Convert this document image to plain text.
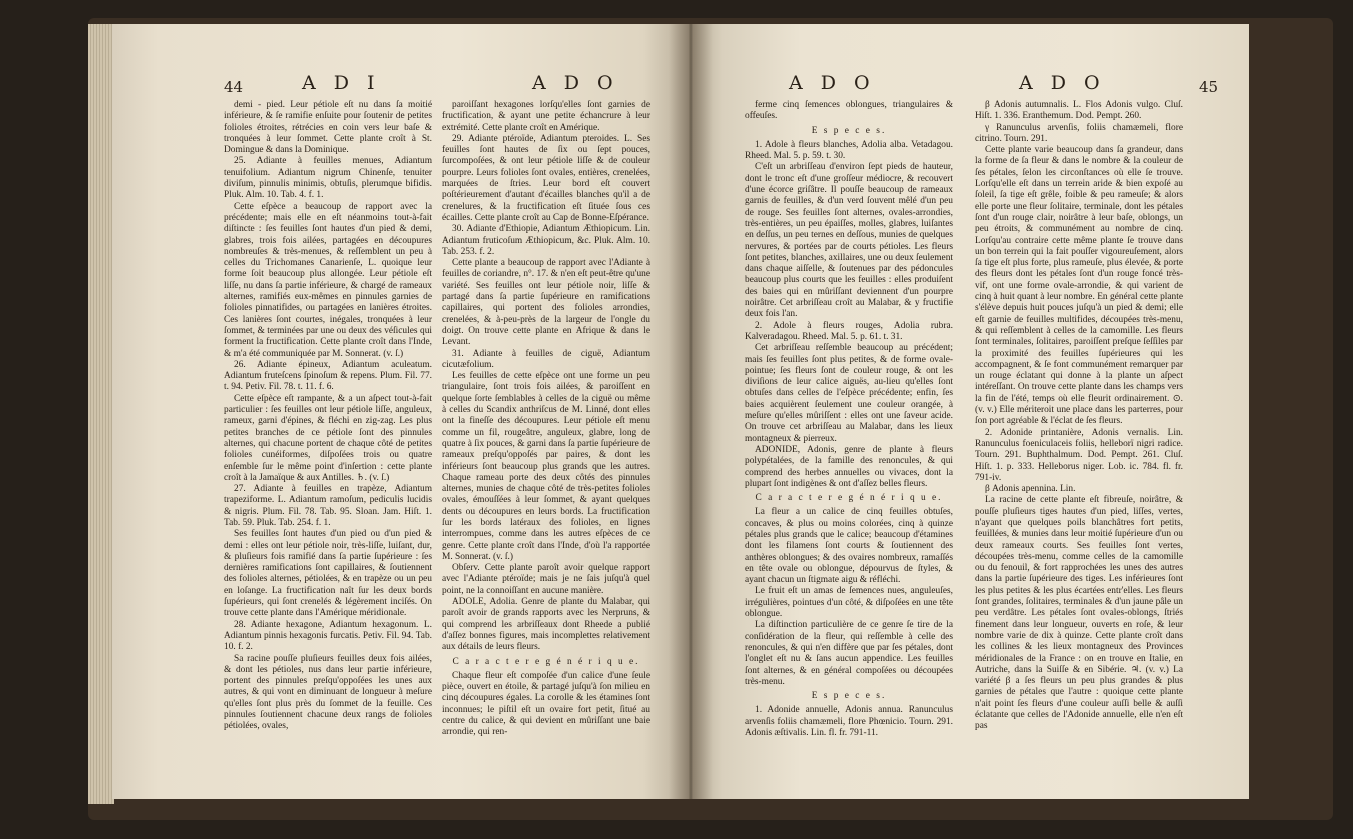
44	A D I	A D O

demi - pied. Leur pétiole eſt nu dans ſa moitié inférieure, & ſe ramifie enſuite pour ſoutenir de petites folioles étroites, rétrécies en coin vers leur baſe & tronquées à leur ſommet. Cette plante croît à St. Domingue & dans la Dominique.

25. Adiante à feuilles menues, Adiantum tenuifolium. Adiantum nigrum Chinenſe, tenuiter diviſum, pinnulis minimis, obtuſis, plerumque bifidis. Pluk. Alm. 10. Tab. 4. f. 1.

Cette eſpèce a beaucoup de rapport avec la précédente; mais elle en eſt néanmoins tout-à-fait diſtincte : ſes feuilles ſont hautes d'un pied & demi, glabres, trois fois ailées, partagées en découpures nombreuſes & très-menues, & reſſemblent un peu à celles du Trichomanes Canarienſe, L. quoique leur forme ſoit beaucoup plus allongée. Leur pétiole eſt liſſe, nu dans ſa partie inférieure, & chargé de rameaux alternes, ramifiés eux-mêmes en pinnules garnies de folioles pinnatifides, ou partagées en lanières étroites. Ces lanières ſont courtes, inégales, tronquées à leur ſommet, & terminées par une ou deux des véſicules qui forment la fructification. Cette plante croît dans l'Inde, & m'a été communiquée par M. Sonnerat. (v. ſ.)

26. Adiante épineux, Adiantum aculeatum. Adiantum fruteſcens ſpinoſum & repens. Plum. Fil. 77. t. 94. Petiv. Fil. 78. t. 11. f. 6.

Cette eſpèce eſt rampante, & a un aſpect tout-à-fait particulier : ſes feuilles ont leur pétiole liſſe, anguleux, rameux, garni d'épines, & fléchi en zig-zag. Les plus petites branches de ce pétiole ſont des pinnules alternes, qui chacune portent de chaque côté de petites folioles cunéiformes, diſpoſées trois ou quatre enſemble ſur le même point d'inſertion : cette plante croît à la Jamaïque & aux Antilles. ♄. (v. ſ.)

27. Adiante à feuilles en trapèze, Adiantum trapeziforme. L. Adiantum ramoſum, pediculis lucidis & nigris. Plum. Fil. 78. Tab. 95. Sloan. Jam. Hiſt. 1. Tab. 59. Pluk. Tab. 254. f. 1.

Ses feuilles ſont hautes d'un pied ou d'un pied & demi : elles ont leur pétiole noir, très-liſſe, luiſant, dur, & pluſieurs fois ramifié dans ſa partie ſupérieure : ſes dernières ramifications ſont capillaires, & ſoutiennent des folioles alternes, pétiolées, & en trapèze ou un peu en loſange. La fructification naît ſur les deux bords ſupérieurs, qui ſont crenelés & légèrement inciſés. On trouve cette plante dans l'Amérique méridionale.

28. Adiante hexagone, Adiantum hexagonum. L. Adiantum pinnis hexagonis furcatis. Petiv. Fil. 94. Tab. 10. f. 2.

Sa racine pouſſe pluſieurs feuilles deux fois ailées, & dont les pétioles, nus dans leur partie inférieure, portent des pinnules preſqu'oppoſées les unes aux autres, & qui vont en diminuant de longueur à meſure qu'elles ſont plus près du ſommet de la feuille. Ces pinnules ſoutiennent chacune deux rangs de folioles pétiolées, ovales,

paroiſſant hexagones lorſqu'elles ſont garnies de fructification, & ayant une petite échancrure à leur extrémité. Cette plante croît en Amérique.

29. Adiante ptéroïde, Adiantum pteroides. L. Ses feuilles ſont hautes de ſix ou ſept pouces, ſurcompoſées, & ont leur pétiole liſſe & de couleur pourpre. Leurs folioles ſont ovales, entières, crenelées, marquées de ſtries. Leur bord eſt couvert poſtérieurement d'autant d'écailles blanches qu'il a de crenelures, & la fructification eſt ſituée ſous ces écailles. Cette plante croît au Cap de Bonne-Eſpérance.

30. Adiante d'Ethiopie, Adiantum Æthiopicum. Lin. Adiantum fruticoſum Æthiopicum, &c. Pluk. Alm. 10. Tab. 253. f. 2.

Cette plante a beaucoup de rapport avec l'Adiante à feuilles de coriandre, n°. 17. & n'en eſt peut-être qu'une variété. Ses feuilles ont leur pétiole noir, liſſe & partagé dans ſa partie ſupérieure en ramifications capillaires, qui portent des folioles arrondies, crenelées, & à-peu-près de la largeur de l'ongle du doigt. On trouve cette plante en Afrique & dans le Levant.

31. Adiante à feuilles de ciguë, Adiantum cicutæfolium.

Les feuilles de cette eſpèce ont une forme un peu triangulaire, ſont trois fois ailées, & paroiſſent en quelque ſorte ſemblables à celles de la ciguë ou même à celles du Scandix anthriſcus de M. Linné, dont elles ont la fineſſe des découpures. Leur pétiole eſt menu comme un fil, rougeâtre, anguleux, glabre, long de quatre à ſix pouces, & garni dans ſa partie ſupérieure de rameaux preſqu'oppoſés par paires, & dont les inférieurs ſont beaucoup plus grands que les autres. Chaque rameau porte des deux côtés des pinnules alternes, munies de chaque côté de très-petites folioles ovales, émouſſées à leur ſommet, & ayant quelques dents ou découpures en leurs bords. La fructification ſur les bords latéraux des folioles, en lignes interrompues, comme dans les autres eſpèces de ce genre. Cette plante croît dans l'Inde, d'où l'a rapportée M. Sonnerat. (v. ſ.)

Obſerv. Cette plante paroît avoir quelque rapport avec l'Adiante ptéroïde; mais je ne ſais juſqu'à quel point, ne la connoiſſant en aucune manière.

ADOLE, Adolia. Genre de plante du Malabar, qui paroît avoir de grands rapports avec les Nerpruns, & qui comprend les arbriſſeaux dont Rheede a publié d'aſſez bonnes figures, mais incomplettes relativement aux détails de leurs fleurs.

C a r a c t e r e g é n é r i q u e.

Chaque fleur eſt compoſée d'un calice d'une ſeule pièce, ouvert en étoile, & partagé juſqu'à ſon milieu en cinq découpures égales. La corolle & les étamines ſont inconnues; le piſtil eſt un ovaire fort petit, ſitué au centre du calice, & qui devient en mûriſſant une baie arrondie, qui ren-

A D O	A D O	45

ferme cinq ſemences oblongues, triangulaires & offeuſes.

E s p e c e s.

1. Adole à fleurs blanches, Adolia alba. Vetadagou. Rheed. Mal. 5. p. 59. t. 30.

C'eſt un arbriſſeau d'environ ſept pieds de hauteur, dont le tronc eſt d'une groſſeur médiocre, & recouvert d'une écorce griſâtre. Il pouſſe beaucoup de rameaux garnis de feuilles, & d'un verd ſouvent mêlé d'un peu de rouge. Ses feuilles ſont alternes, ovales-arrondies, très-entières, un peu épaiſſes, molles, glabres, luiſantes en deſſus, un peu ternes en deſſous, munies de quelques nervures, & portées par de courts pétioles. Les fleurs ſont petites, blanches, axillaires, une ou deux ſeulement dans chaque aiſſelle, & ſoutenues par des pédoncules beaucoup plus courts que les feuilles : elles produiſent des baies qui en mûriſſant deviennent d'un pourpre noirâtre. Cet arbriſſeau croît au Malabar, & y fructifie deux fois l'an.

2. Adole à fleurs rouges, Adolia rubra. Kalveradagou. Rheed. Mal. 5. p. 61. t. 31.

Cet arbriſſeau reſſemble beaucoup au précédent; mais ſes feuilles ſont plus petites, & de forme ovale-pointue; ſes fleurs ſont de couleur rouge, & ont les diviſions de leur calice aiguës, au-lieu qu'elles ſont obtuſes dans celles de l'eſpèce précédente; enfin, ſes baies acquièrent ſeulement une couleur orangée, à meſure qu'elles mûriſſent : elles ont une ſaveur acide. On trouve cet arbriſſeau au Malabar, dans les lieux montagneux & pierreux.

ADONIDE, Adonis, genre de plante à fleurs polypétalées, de la famille des renoncules, & qui comprend des herbes annuelles ou vivaces, dont la plupart ſont indigènes & ont d'aſſez belles fleurs.

C a r a c t e r e g é n é r i q u e.

La fleur a un calice de cinq feuilles obtuſes, concaves, & plus ou moins colorées, cinq à quinze pétales plus grands que le calice; beaucoup d'étamines dont les filamens ſont courts & ſoutiennent des anthères oblongues; & des ovaires nombreux, ramaſſés en tête ovale ou oblongue, dépourvus de ſtyles, & ayant chacun un ſtigmate aigu & réfléchi.

Le fruit eſt un amas de ſemences nues, anguleuſes, irrégulières, pointues d'un côté, & diſpoſées en une tête oblongue.

La diſtinction particulière de ce genre ſe tire de la conſidération de la fleur, qui reſſemble à celle des renoncules, & qui n'en diffère que par ſes pétales, dont l'onglet eſt nu & ſans aucun appendice. Les feuilles ſont alternes, & en général compoſées ou découpées très-menu.

E s p e c e s.

1. Adonide annuelle, Adonis annua. Ranunculus arvenſis foliis chamæmeli, flore Phœnicio. Tourn. 291. Adonis æſtivalis. Lin. fl. fr. 791-11.

β Adonis autumnalis. L. Flos Adonis vulgo. Cluſ. Hiſt. 1. 336. Eranthemum. Dod. Pempt. 260.

γ Ranunculus arvenſis, foliis chamæmeli, flore citrino. Tourn. 291.

Cette plante varie beaucoup dans ſa grandeur, dans la forme de ſa fleur & dans le nombre & la couleur de ſes pétales, ſelon les circonſtances où elle ſe trouve. Lorſqu'elle eſt dans un terrein aride & bien expoſé au ſoleil, ſa tige eſt grêle, foible & peu rameuſe; & alors elle porte une fleur ſolitaire, terminale, dont les pétales ſont d'un rouge clair, noirâtre à leur baſe, oblongs, un peu étroits, & communément au nombre de cinq. Lorſqu'au contraire cette même plante ſe trouve dans un bon terrein qui la fait pouſſer vigoureuſement, alors ſa tige eſt plus forte, plus rameuſe, plus élevée, & porte des fleurs dont les pétales ſont d'un rouge foncé très-vif, ont une forme ovale-arrondie, & qui varient de cinq à huit quant à leur nombre. En général cette plante s'élève depuis huit pouces juſqu'à un pied & demi; elle eſt garnie de feuilles multifides, découpées très-menu, & qui reſſemblent à celles de la camomille. Les fleurs ſont terminales, ſolitaires, paroiſſent preſque ſeſſiles par la proximité des feuilles ſupérieures qui les accompagnent, & ſe font communément remarquer par un rouge éclatant qui donne à la plante un aſpect intéreſſant. On trouve cette plante dans les champs vers la fin de l'été, temps où elle fleurit ordinairement. ⊙. (v. v.) Elle mériteroit une place dans les parterres, pour ſon port agréable & l'éclat de ſes fleurs.

2. Adonide printanière, Adonis vernalis. Lin. Ranunculus foeniculaceis foliis, helleborï nigri radice. Tourn. 291. Buphthalmum. Dod. Pempt. 261. Cluſ. Hiſt. 1. p. 333. Helleborus niger. Lob. ic. 784. fl. fr. 791-iv.

β Adonis apennina. Lin.

La racine de cette plante eſt fibreuſe, noirâtre, & pouſſe pluſieurs tiges hautes d'un pied, liſſes, vertes, n'ayant que quelques poils blanchâtres fort petits, feuillées, & munies dans leur moitié ſupérieure d'un ou deux rameaux courts. Ses feuilles ſont vertes, découpées très-menu, comme celles de la camomille ou du fenouil, & fort rapprochées les unes des autres dans la partie ſupérieure des tiges. Les inférieures ſont les plus petites & les plus écartées entr'elles. Les fleurs ſont grandes, ſolitaires, terminales & d'un jaune pâle un peu verdâtre. Les pétales ſont ovales-oblongs, ſtriés finement dans leur longueur, ouverts en roſe, & leur nombre varie de dix à quinze. Cette plante croît dans les collines & les lieux montagneux des Provinces méridionales de la France : on en trouve en Italie, en Autriche, dans la Suiſſe & en Sibérie. ♃. (v. v.) La variété β a ſes fleurs un peu plus grandes & plus garnies de pétales que l'autre : quoique cette plante n'ait point ſes fleurs d'une couleur auſſi belle & auſſi éclatante que celles de l'Adonide annuelle, elle n'en eſt pas
